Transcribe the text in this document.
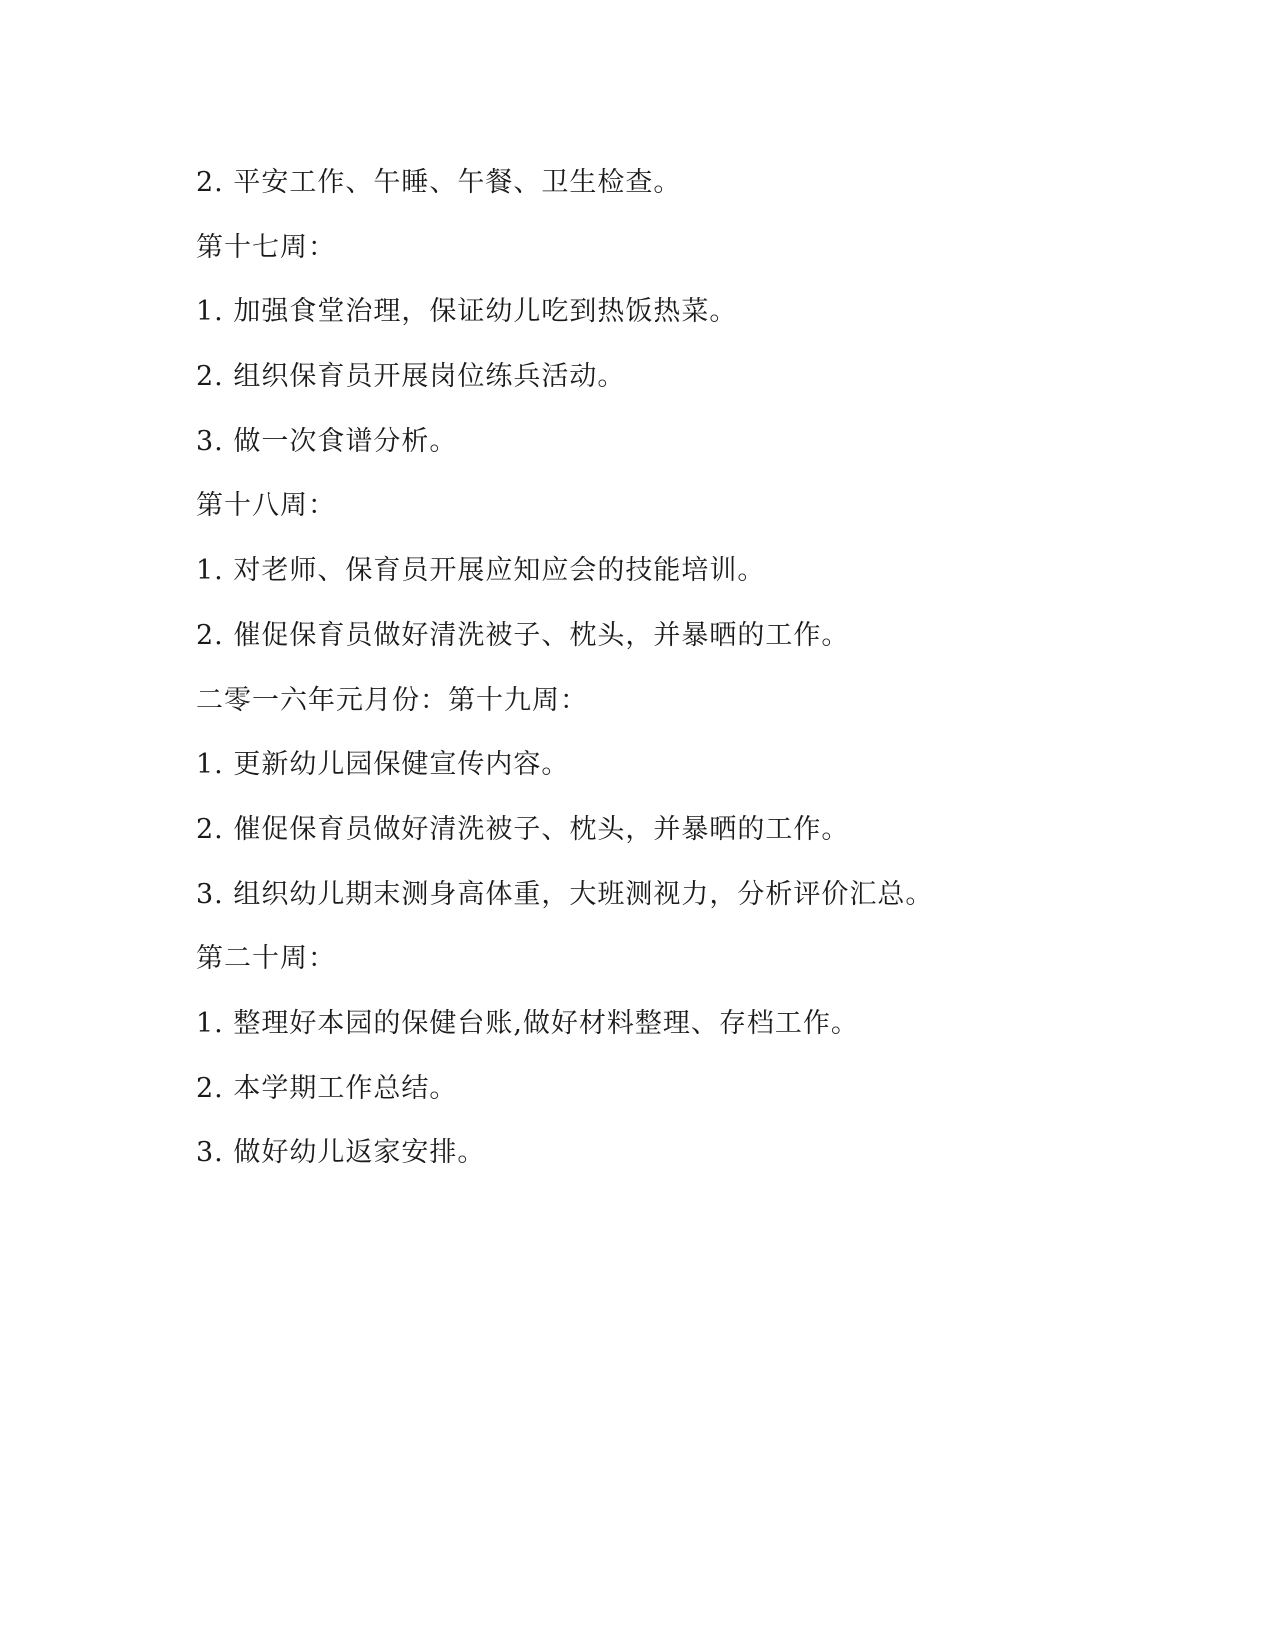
2. 平安工作、午睡、午餐、卫生检查。
第十七周：
1. 加强食堂治理，保证幼儿吃到热饭热菜。
2. 组织保育员开展岗位练兵活动。
3. 做一次食谱分析。
第十八周：
1. 对老师、保育员开展应知应会的技能培训。
2. 催促保育员做好清洗被子、枕头，并暴晒的工作。
二零一六年元月份：第十九周：
1. 更新幼儿园保健宣传内容。
2. 催促保育员做好清洗被子、枕头，并暴晒的工作。
3. 组织幼儿期末测身高体重，大班测视力，分析评价汇总。
第二十周：
1. 整理好本园的保健台账,做好材料整理、存档工作。
2. 本学期工作总结。
3. 做好幼儿返家安排。
